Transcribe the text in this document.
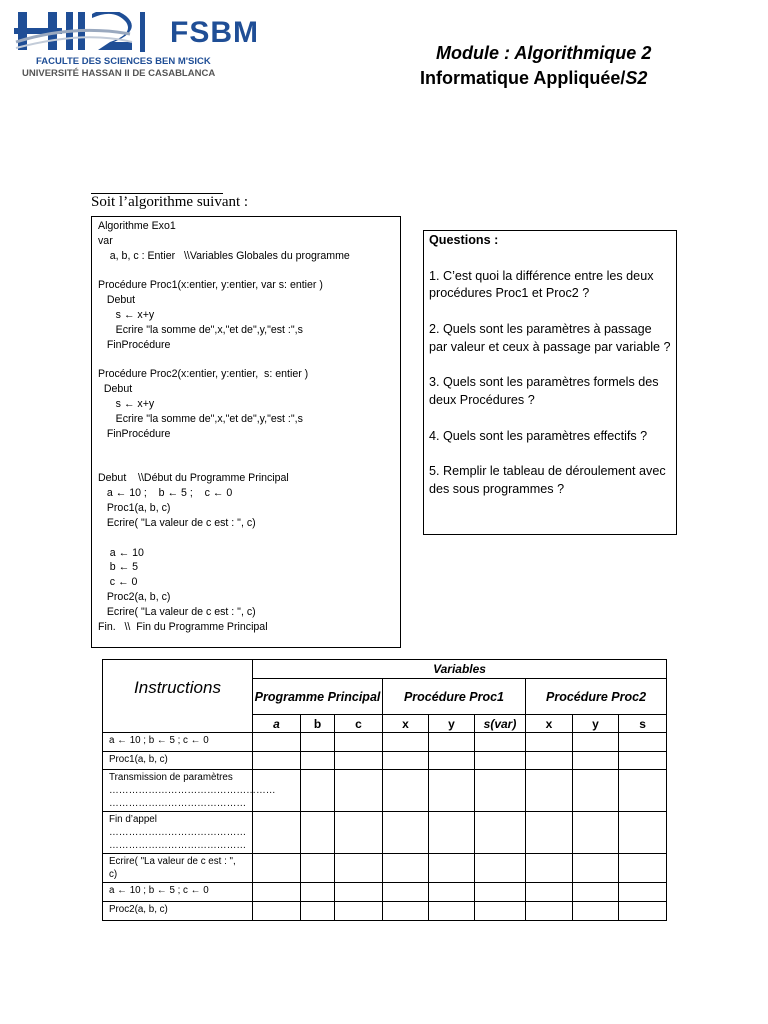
FSBM
FACULTE DES SCIENCES BEN M'SICK
UNIVERSITÉ HASSAN II DE CASABLANCA
Module : Algorithmique 2
Informatique Appliquée/S2
Soit l’algorithme suivant :
Algorithme Exo1
var
a, b, c : Entier   \\Variables Globales du programme
Procédure Proc1(x:entier, y:entier, var s: entier )
Debut
s ← x+y
Ecrire "la somme de",x,"et de",y,"est :",s
FinProcédure
Procédure Proc2(x:entier, y:entier,  s: entier )
Debut
s ← x+y
Ecrire "la somme de",x,"et de",y,"est :",s
FinProcédure
Debut    \\Début du Programme Principal
a ← 10 ;    b ← 5 ;    c ← 0
Proc1(a, b, c)
Ecrire( "La valeur de c est : ", c)
a ← 10
b ← 5
c ← 0
Proc2(a, b, c)
Ecrire( "La valeur de c est : ", c)
Fin.   \\  Fin du Programme Principal
Questions :
1. C’est quoi la différence entre les deux procédures Proc1 et Proc2 ?
2. Quels sont les paramètres à passage par valeur et ceux à passage par variable ?
3. Quels sont les paramètres formels des deux Procédures ?
4. Quels sont les paramètres effectifs ?
5. Remplir le tableau de déroulement avec des sous programmes ?
Instructions	Variables								
	Programme Principal			Procédure Proc1			Procédure Proc2		
	a	b	c	x	y	s(var)	x	y	s

a ← 10 ; b ← 5 ; c ← 0									

Proc1(a, b, c)									

Transmission de paramètres
……………………………………………
……………………………………									

Fin d’appel
……………………………………
……………………………………									

Ecrire( "La valeur de c est : ",
c)									

a ← 10 ; b ← 5 ; c ← 0									

Proc2(a, b, c)									
